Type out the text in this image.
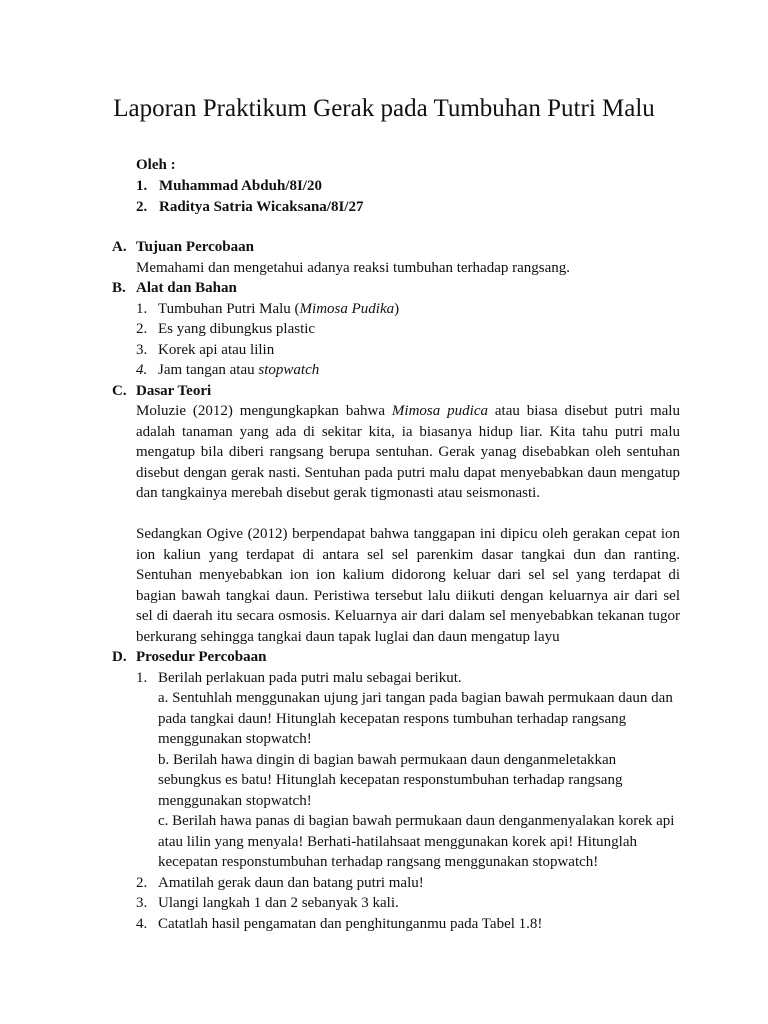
Laporan Praktikum Gerak pada Tumbuhan Putri Malu
Oleh :
1. Muhammad Abduh/8I/20
2. Raditya Satria Wicaksana/8I/27
A. Tujuan Percobaan
Memahami dan mengetahui adanya reaksi tumbuhan terhadap rangsang.
B. Alat dan Bahan
1. Tumbuhan Putri Malu (Mimosa Pudika)
2. Es yang dibungkus plastic
3. Korek api atau lilin
4. Jam tangan atau stopwatch
C. Dasar Teori
Moluzie (2012) mengungkapkan bahwa Mimosa pudica atau biasa disebut putri malu adalah tanaman yang ada di sekitar kita, ia biasanya hidup liar. Kita tahu putri malu mengatup bila diberi rangsang berupa sentuhan. Gerak yanag disebabkan oleh sentuhan disebut dengan gerak nasti. Sentuhan pada putri malu dapat menyebabkan daun mengatup dan tangkainya merebah disebut gerak tigmonasti atau seismonasti.
Sedangkan Ogive (2012) berpendapat bahwa tanggapan ini dipicu oleh gerakan cepat ion ion kaliun yang terdapat di antara sel sel parenkim dasar tangkai dun dan ranting. Sentuhan menyebabkan ion ion kalium didorong keluar dari sel sel yang terdapat di bagian bawah tangkai daun. Peristiwa tersebut lalu diikuti dengan keluarnya air dari sel sel di daerah itu secara osmosis. Keluarnya air dari dalam sel menyebabkan tekanan tugor berkurang sehingga tangkai daun tapak luglai dan daun mengatup layu
D. Prosedur Percobaan
1. Berilah perlakuan pada putri malu sebagai berikut.
a. Sentuhlah menggunakan ujung jari tangan pada bagian bawah permukaan daun dan
pada tangkai daun! Hitunglah kecepatan respons tumbuhan terhadap rangsang
menggunakan stopwatch!
b. Berilah hawa dingin di bagian bawah permukaan daun denganmeletakkan
sebungkus es batu! Hitunglah kecepatan responstumbuhan terhadap rangsang
menggunakan stopwatch!
c. Berilah hawa panas di bagian bawah permukaan daun denganmenyalakan korek api
atau lilin yang menyala! Berhati-hatilahsaat menggunakan korek api! Hitunglah
kecepatan responstumbuhan terhadap rangsang menggunakan stopwatch!
2. Amatilah gerak daun dan batang putri malu!
3. Ulangi langkah 1 dan 2 sebanyak 3 kali.
4. Catatlah hasil pengamatan dan penghitunganmu pada Tabel 1.8!
